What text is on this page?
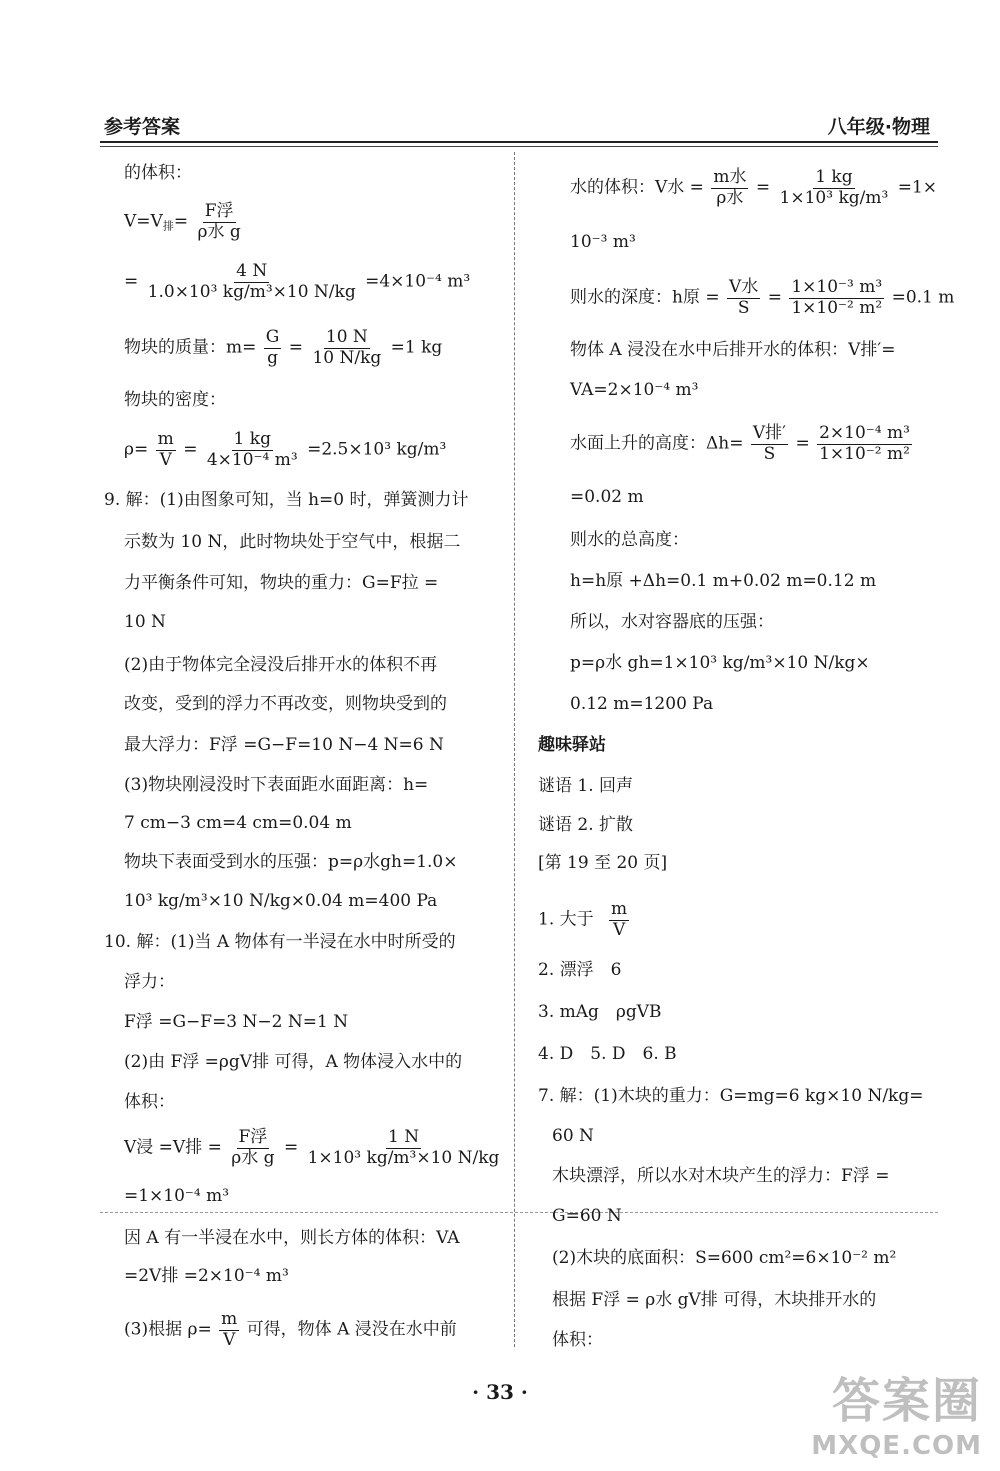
参考答案	八年级·物理
的体积：
$V=V_排= \frac{\text{F浮}}{\text{ρ水 g}}$
= $\frac{4 N}{\text{1.0×10³ kg/m³×10 N/kg}} =4\times 10^{-4}$ m³
物块的质量：$m= \frac{G}{g} = \frac{10 N}{10 N/kg} =1$ kg
物块的密度：
$\rho= \frac{m}{V} = \frac{1 kg}{\text{4×10⁻⁴ m³}} =2.5\times 10^3$ kg/m³
9. 解：(1)由图象可知，当 h=0 时，弹簧测力计
示数为 10 N，此时物块处于空气中，根据二
力平衡条件可知，物块的重力：G=F拉 =
10 N
(2)由于物体完全浸没后排开水的体积不再
改变，受到的浮力不再改变，则物块受到的
最大浮力：F浮 =G−F=10 N−4 N=6 N
(3)物块刚浸没时下表面距水面距离：h=
7 cm−3 cm=4 cm=0.04 m
物块下表面受到水的压强：p=ρ水gh=1.0×
10³ kg/m³×10 N/kg×0.04 m=400 Pa
10. 解：(1)当 A 物体有一半浸在水中时所受的
浮力：
F浮 =G−F=3 N−2 N=1 N
(2)由 F浮 =ρgV排 可得，A 物体浸入水中的
体积：
V浸 =V排 = $\frac{\text{F浮}}{\text{ρ水 g}} = \frac{1 N}{\text{1×10³ kg/m³×10 N/kg}}$
=1×10⁻⁴ m³
因 A 有一半浸在水中，则长方体的体积：VA
=2V排 =2×10⁻⁴ m³
(3)根据 $\rho= \frac{m}{V}$ 可得，物体 A 浸没在水中前
水的体积：V水 = $\frac{\text{m水}}{\text{ρ水}} = \frac{1 kg}{\text{1×10³ kg/m³}} =1\times$
10⁻³ m³
则水的深度：h原 = $\frac{\text{V水}}{S} = \frac{\text{1×10⁻³ m³}}{\text{1×10⁻² m²}} =0.1$ m
物体 A 浸没在水中后排开水的体积：V排′=
VA=2×10⁻⁴ m³
水面上升的高度：$\Delta h= \frac{\text{V排′}}{S} = \frac{\text{2×10⁻⁴ m³}}{\text{1×10⁻² m²}}$
=0.02 m
则水的总高度：
h=h原 +Δh=0.1 m+0.02 m=0.12 m
所以，水对容器底的压强：
p=ρ水 gh=1×10³ kg/m³×10 N/kg×
0.12 m=1200 Pa
趣味驿站
谜语 1. 回声
谜语 2. 扩散
[第 19 至 20 页]
1. 大于 $\frac{m}{V}$
2. 漂浮　6
3. mAg　ρgVB
4. D　5. D　6. B
7. 解：(1)木块的重力：G=mg=6 kg×10 N/kg=
60 N
木块漂浮，所以水对木块产生的浮力：F浮 =
G=60 N
(2)木块的底面积：S=600 cm²=6×10⁻² m²
根据 F浮 = ρ水 gV排 可得，木块排开水的
体积：
· 33 ·	答案圈
MXQE.COM
